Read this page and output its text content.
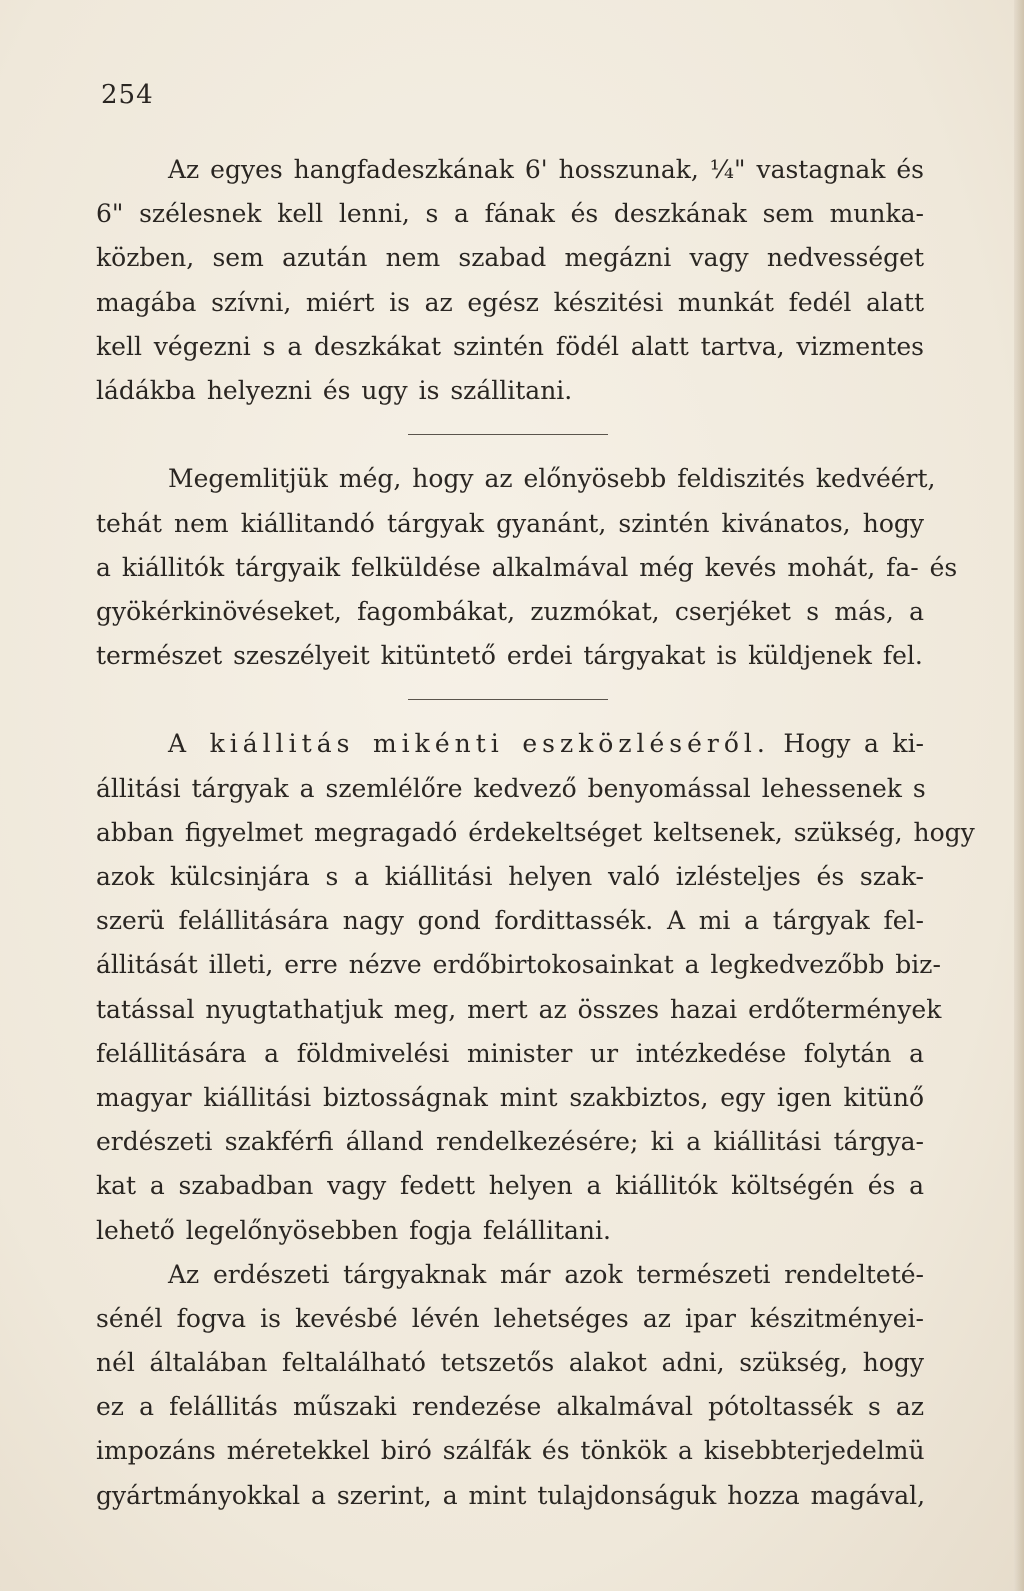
254
Az egyes hangfadeszkának 6' hosszunak, ¼" vastagnak és
6" szélesnek kell lenni, s a fának és deszkának sem munka-
közben, sem azután nem szabad megázni vagy nedvességet
magába szívni, miért is az egész készitési munkát fedél alatt
kell végezni s a deszkákat szintén födél alatt tartva, vizmentes
ládákba helyezni és ugy is szállitani.
Megemlitjük még, hogy az előnyösebb feldiszités kedvéért,
tehát nem kiállitandó tárgyak gyanánt, szintén kivánatos, hogy
a kiállitók tárgyaik felküldése alkalmával még kevés mohát, fa- és
gyökérkinövéseket, fagombákat, zuzmókat, cserjéket s más, a
természet szeszélyeit kitüntető erdei tárgyakat is küldjenek fel.
A kiállitás mikénti eszközléséről. Hogy a ki-
állitási tárgyak a szemlélőre kedvező benyomással lehessenek s
abban figyelmet megragadó érdekeltséget keltsenek, szükség, hogy
azok külcsinjára s a kiállitási helyen való izlésteljes és szak-
szerü felállitására nagy gond fordittassék. A mi a tárgyak fel-
állitását illeti, erre nézve erdőbirtokosainkat a legkedvezőbb biz-
tatással nyugtathatjuk meg, mert az összes hazai erdőtermények
felállitására a földmivelési minister ur intézkedése folytán a
magyar kiállitási biztosságnak mint szakbiztos, egy igen kitünő
erdészeti szakférfi álland rendelkezésére; ki a kiállitási tárgya-
kat a szabadban vagy fedett helyen a kiállitók költségén és a
lehető legelőnyösebben fogja felállitani.
Az erdészeti tárgyaknak már azok természeti rendelteté-
sénél fogva is kevésbé lévén lehetséges az ipar készitményei-
nél általában feltalálható tetszetős alakot adni, szükség, hogy
ez a felállitás műszaki rendezése alkalmával pótoltassék s az
impozáns méretekkel biró szálfák és tönkök a kisebbterjedelmü
gyártmányokkal a szerint, a mint tulajdonságuk hozza magával,
